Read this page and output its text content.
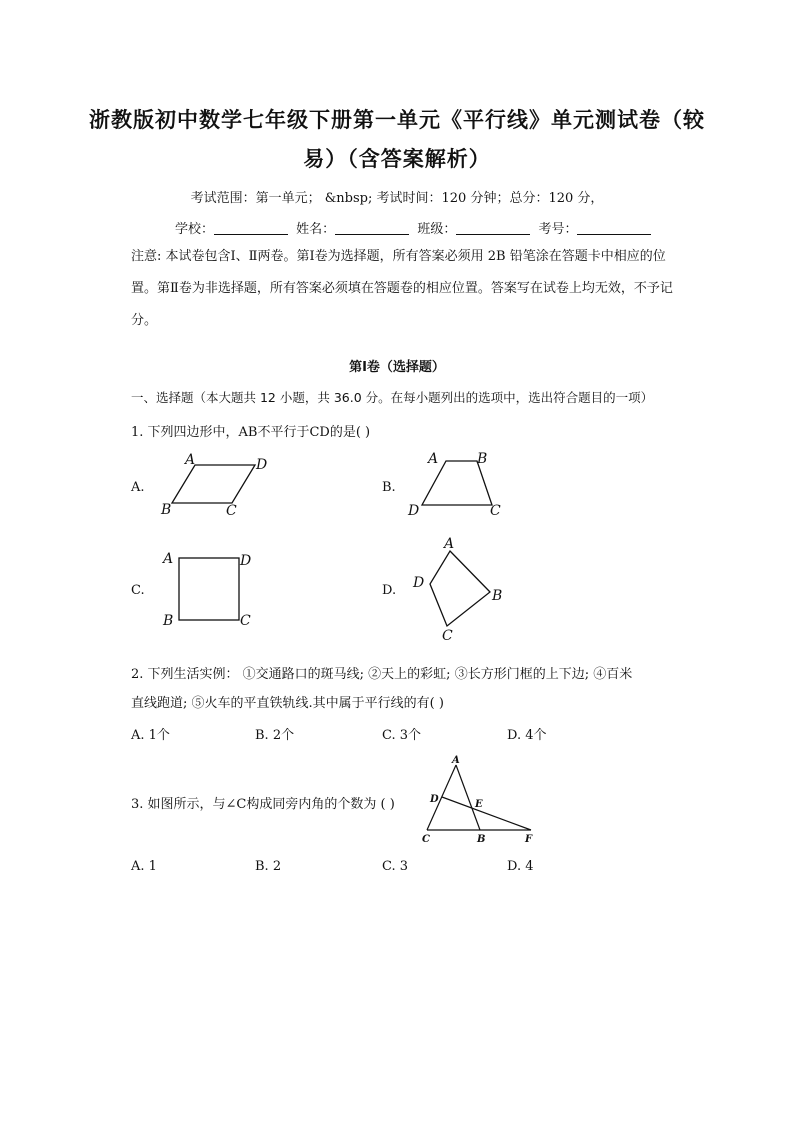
浙教版初中数学七年级下册第一单元《平行线》单元测试卷（较
易）（含答案解析）
考试范围：第一单元； &nbsp; 考试时间：120 分钟；总分：120 分，
学校：	姓名：	班级：	考号：
注意: 本试卷包含Ⅰ、Ⅱ两卷。第Ⅰ卷为选择题，所有答案必须用 2B 铅笔涂在答题卡中相应的位置。第Ⅱ卷为非选择题，所有答案必须填在答题卷的相应位置。答案写在试卷上均无效，不予记分。
第Ⅰ卷（选择题）
一、选择题（本大题共 12 小题，共 36.0 分。在每小题列出的选项中，选出符合题目的一项）
1. 下列四边形中，AB不平行于CD的是( )
A.
A	D
B	C
B.
A	B
D	C
C.
A	D
B	C
D.
A
D
B
C
2. 下列生活实例： ①交通路口的斑马线; ②天上的彩虹; ③长方形门框的上下边; ④百米
直线跑道; ⑤火车的平直铁轨线.其中属于平行线的有( )
A. 1个	B. 2个	C. 3个	D. 4个
3. 如图所示，与∠C构成同旁内角的个数为 ( )
A
D	E
C	B	F
A. 1	B. 2	C. 3	D. 4
